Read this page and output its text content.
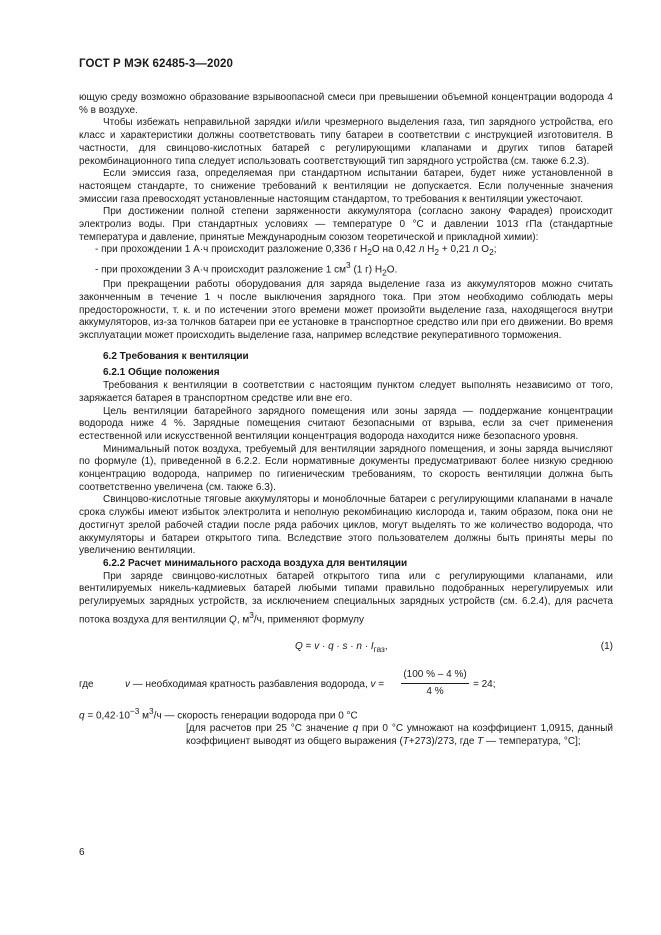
ГОСТ Р МЭК 62485-3—2020

ющую среду возможно образование взрывоопасной смеси при превышении объемной концентрации водорода 4 % в воздухе.

Чтобы избежать неправильной зарядки и/или чрезмерного выделения газа, тип зарядного устройства, его класс и характеристики должны соответствовать типу батареи в соответствии с инструкцией изготовителя. В частности, для свинцово-кислотных батарей с регулирующими клапанами и других типов батарей рекомбинационного типа следует использовать соответствующий тип зарядного устройства (см. также 6.2.3).

Если эмиссия газа, определяемая при стандартном испытании батареи, будет ниже установленной в настоящем стандарте, то снижение требований к вентиляции не допускается. Если полученные значения эмиссии газа превосходят установленные настоящим стандартом, то требования к вентиляции ужесточают.

При достижении полной степени заряженности аккумулятора (согласно закону Фарадея) происходит электролиз воды. При стандартных условиях — температуре 0 °С и давлении 1013 гПа (стандартные температура и давление, принятые Международным союзом теоретической и прикладной химии):

- при прохождении 1 А·ч происходит разложение 0,336 г $H_2O$ на 0,42 л $H_2 + 0,21$ л $O_2$;

- при прохождении 3 А·ч происходит разложение 1 $см^3$ (1 г) $H_2O$.

При прекращении работы оборудования для заряда выделение газа из аккумуляторов можно считать законченным в течение 1 ч после выключения зарядного тока. При этом необходимо соблюдать меры предосторожности, т. к. и по истечении этого времени может произойти выделение газа, находящегося внутри аккумуляторов, из-за толчков батареи при ее установке в транспортное средство или при его движении. Во время эксплуатации может происходить выделение газа, например вследствие рекуперативного торможения.

6.2 Требования к вентиляции

6.2.1 Общие положения

Требования к вентиляции в соответствии с настоящим пунктом следует выполнять независимо от того, заряжается батарея в транспортном средстве или вне его.

Цель вентиляции батарейного зарядного помещения или зоны заряда — поддержание концентрации водорода ниже 4 %. Зарядные помещения считают безопасными от взрыва, если за счет применения естественной или искусственной вентиляции концентрация водорода находится ниже безопасного уровня.

Минимальный поток воздуха, требуемый для вентиляции зарядного помещения, и зоны заряда вычисляют по формуле (1), приведенной в 6.2.2. Если нормативные документы предусматривают более низкую среднюю концентрацию водорода, например по гигиеническим требованиям, то скорость вентиляции должна быть соответственно увеличена (см. также 6.3).

Свинцово-кислотные тяговые аккумуляторы и моноблочные батареи с регулирующими клапанами в начале срока службы имеют избыток электролита и неполную рекомбинацию кислорода и, таким образом, пока они не достигнут зрелой рабочей стадии после ряда рабочих циклов, могут выделять то же количество водорода, что аккумуляторы и батареи открытого типа. Вследствие этого пользователем должны быть приняты меры по увеличению вентиляции.

6.2.2 Расчет минимального расхода воздуха для вентиляции

При заряде свинцово-кислотных батарей открытого типа или с регулирующими клапанами, или вентилируемых никель-кадмиевых батарей любыми типами правильно подобранных нерегулируемых или регулируемых зарядных устройств, за исключением специальных зарядных устройств (см. 6.2.4), для расчета потока воздуха для вентиляции Q, $м^3/ч$, применяют формулу

$Q = v \cdot q \cdot s \cdot n \cdot I_{газ}$,	(1)
где	v — необходимая кратность разбавления водорода, $v = \frac{(100 \% - 4 \%)}{4 \%} = 24$;

$q = 0,42\cdot 10^{-3}$ $м^3/ч$ — скорость генерации водорода при 0 °С

[для расчетов при 25 °С значение q при 0 °С умножают на коэффициент 1,0915, данный коэффициент выводят из общего выражения (T+273)/273, где T — температура, °С];

6
